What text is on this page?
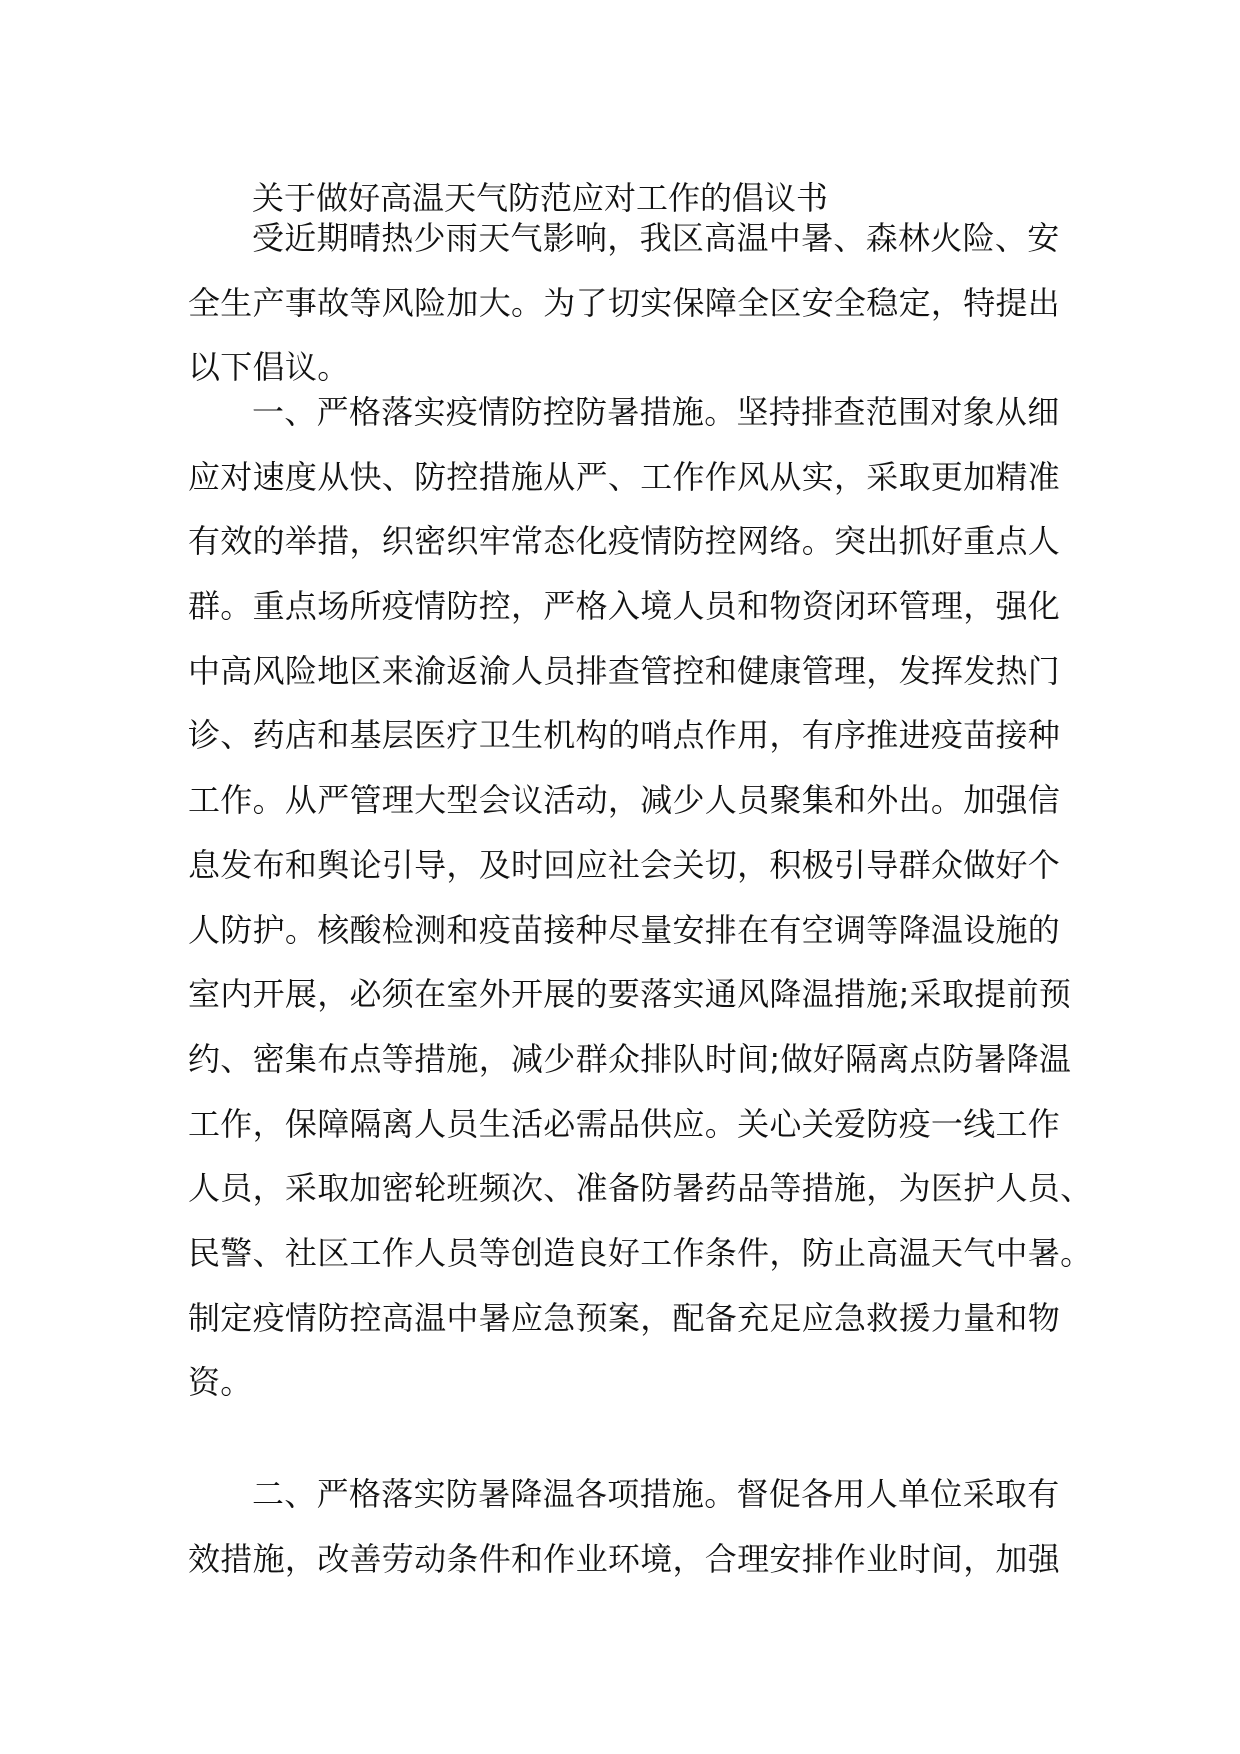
关于做好高温天气防范应对工作的倡议书
受近期晴热少雨天气影响，我区高温中暑、森林火险、安
全生产事故等风险加大。为了切实保障全区安全稳定，特提出
以下倡议。
一、严格落实疫情防控防暑措施。坚持排查范围对象从细
应对速度从快、防控措施从严、工作作风从实，采取更加精准
有效的举措，织密织牢常态化疫情防控网络。突出抓好重点人
群。重点场所疫情防控，严格入境人员和物资闭环管理，强化
中高风险地区来渝返渝人员排查管控和健康管理，发挥发热门
诊、药店和基层医疗卫生机构的哨点作用，有序推进疫苗接种
工作。从严管理大型会议活动，减少人员聚集和外出。加强信
息发布和舆论引导，及时回应社会关切，积极引导群众做好个
人防护。核酸检测和疫苗接种尽量安排在有空调等降温设施的
室内开展，必须在室外开展的要落实通风降温措施;采取提前预
约、密集布点等措施，减少群众排队时间;做好隔离点防暑降温
工作，保障隔离人员生活必需品供应。关心关爱防疫一线工作
人员，采取加密轮班频次、准备防暑药品等措施，为医护人员、
民警、社区工作人员等创造良好工作条件，防止高温天气中暑。
制定疫情防控高温中暑应急预案，配备充足应急救援力量和物
资。
二、严格落实防暑降温各项措施。督促各用人单位采取有
效措施，改善劳动条件和作业环境，合理安排作业时间，加强
